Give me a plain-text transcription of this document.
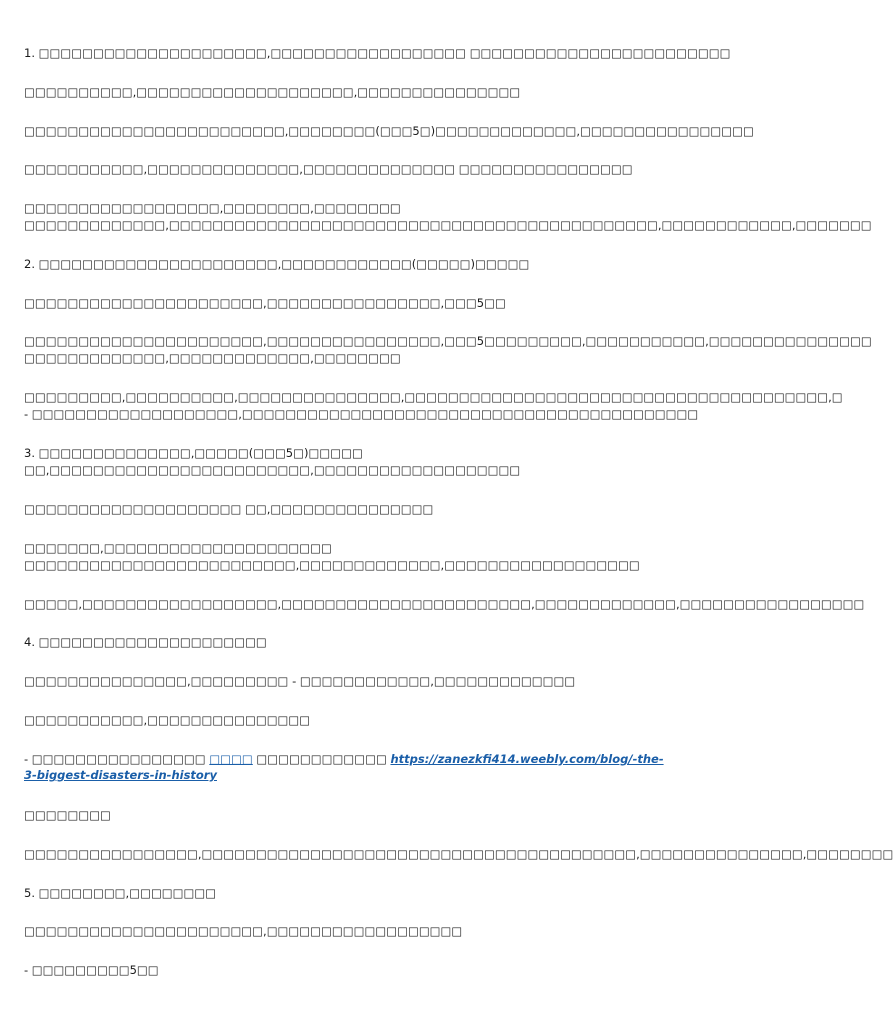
1. □□□□□□□□□□□□□□□□□□□□□,□□□□□□□□□□□□□□□□□□ □□□□□□□□□□□□□□□□□□□□□□□□
□□□□□□□□□□,□□□□□□□□□□□□□□□□□□□□,□□□□□□□□□□□□□□□
□□□□□□□□□□□□□□□□□□□□□□□□,□□□□□□□□(□□□5□)□□□□□□□□□□□□□,□□□□□□□□□□□□□□□□
□□□□□□□□□□□,□□□□□□□□□□□□□□,□□□□□□□□□□□□□□ □□□□□□□□□□□□□□□□
□□□□□□□□□□□□□□□□□□,□□□□□□□□,□□□□□□□□
□□□□□□□□□□□□□,□□□□□□□□□□□□□□□□□□□□□□□□□□□□□□□□□□□□□□□□□□□□□,□□□□□□□□□□□□,□□□□□□□
2. □□□□□□□□□□□□□□□□□□□□□□,□□□□□□□□□□□□(□□□□□)□□□□□
□□□□□□□□□□□□□□□□□□□□□□,□□□□□□□□□□□□□□□□,□□□5□□
□□□□□□□□□□□□□□□□□□□□□□,□□□□□□□□□□□□□□□□,□□□5□□□□□□□□□,□□□□□□□□□□□,□□□□□□□□□□□□□□□
□□□□□□□□□□□□□,□□□□□□□□□□□□□,□□□□□□□□
□□□□□□□□□,□□□□□□□□□□,□□□□□□□□□□□□□□□,□□□□□□□□□□□□□□□□□□□□□□□□□□□□□□□□□□□□□□□,□
- □□□□□□□□□□□□□□□□□□□,□□□□□□□□□□□□□□□□□□□□□□□□□□□□□□□□□□□□□□□□□□
3. □□□□□□□□□□□□□□,□□□□□(□□□5□)□□□□□
□□,□□□□□□□□□□□□□□□□□□□□□□□□,□□□□□□□□□□□□□□□□□□□
□□□□□□□□□□□□□□□□□□□□ □□,□□□□□□□□□□□□□□□
□□□□□□□,□□□□□□□□□□□□□□□□□□□□□
□□□□□□□□□□□□□□□□□□□□□□□□□,□□□□□□□□□□□□□,□□□□□□□□□□□□□□□□□□
□□□□□,□□□□□□□□□□□□□□□□□□,□□□□□□□□□□□□□□□□□□□□□□□,□□□□□□□□□□□□□,□□□□□□□□□□□□□□□□□
4. □□□□□□□□□□□□□□□□□□□□□
□□□□□□□□□□□□□□□,□□□□□□□□□ - □□□□□□□□□□□□,□□□□□□□□□□□□□
□□□□□□□□□□□,□□□□□□□□□□□□□□□
- □□□□□□□□□□□□□□□□ □□□□ □□□□□□□□□□□□ https://zanezkfi414.weebly.com/blog/-the-3-biggest-disasters-in-history
□□□□□□□□
□□□□□□□□□□□□□□□□,□□□□□□□□□□□□□□□□□□□□□□□□□□□□□□□□□□□□□□□□,□□□□□□□□□□□□□□□,□□□□□□□□
5. □□□□□□□□,□□□□□□□□
□□□□□□□□□□□□□□□□□□□□□□,□□□□□□□□□□□□□□□□□□
- □□□□□□□□□5□□
